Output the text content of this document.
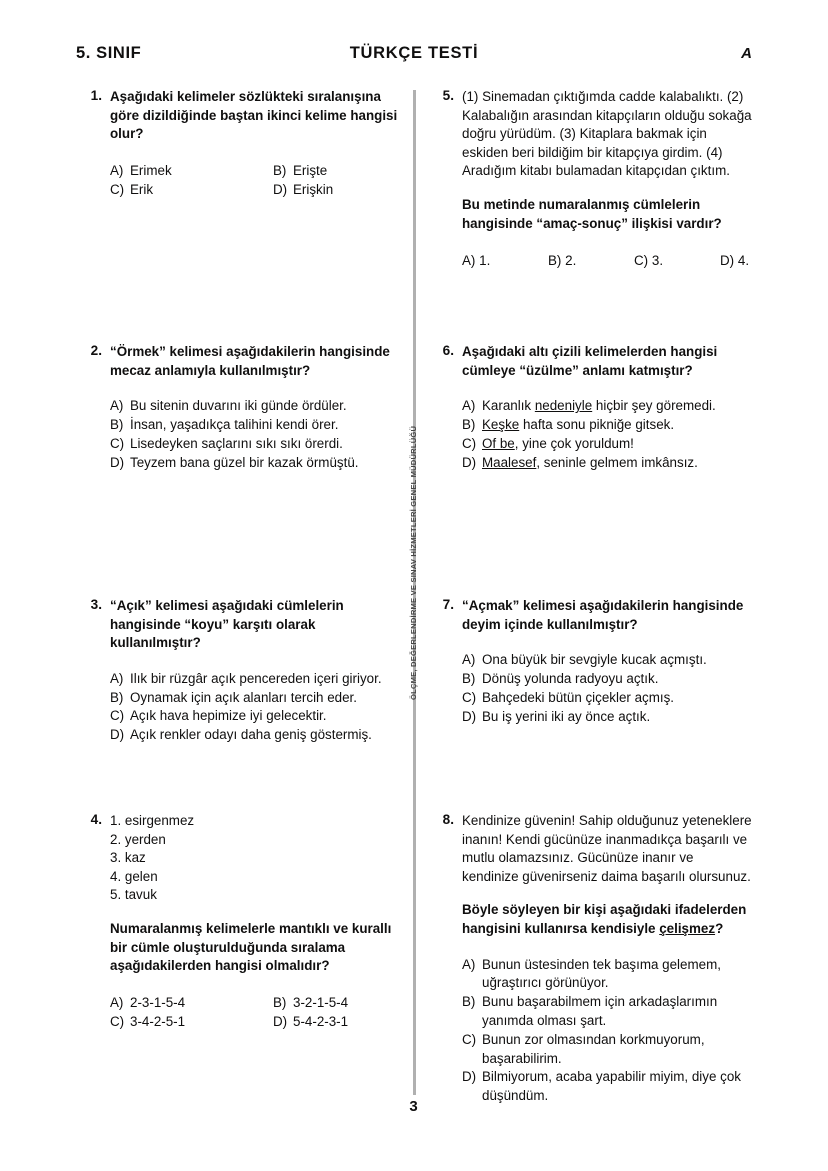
5. SINIF	TÜRKÇE TESTİ	A
ÖLÇME, DEĞERLENDİRME VE SINAV HİZMETLERİ GENEL MÜDÜRLÜĞÜ
1. Aşağıdaki kelimeler sözlükteki sıralanışına göre dizildiğinde baştan ikinci kelime hangisi olur?

A) Erimek	B) Erişte
C) Erik	D) Erişkin
2. “Örmek” kelimesi aşağıdakilerin hangisinde mecaz anlamıyla kullanılmıştır?

A) Bu sitenin duvarını iki günde ördüler.
B) İnsan, yaşadıkça talihini kendi örer.
C) Lisedeyken saçlarını sıkı sıkı örerdi.
D) Teyzem bana güzel bir kazak örmüştü.
3. “Açık” kelimesi aşağıdaki cümlelerin hangisinde “koyu” karşıtı olarak kullanılmıştır?

A) Ilık bir rüzgâr açık pencereden içeri giriyor.
B) Oynamak için açık alanları tercih eder.
C) Açık hava hepimize iyi gelecektir.
D) Açık renkler odayı daha geniş göstermiş.
4. 1. esirgenmez
2. yerden
3. kaz
4. gelen
5. tavuk

Numaralanmış kelimelerle mantıklı ve kurallı bir cümle oluşturulduğunda sıralama aşağıdakilerden hangisi olmalıdır?

A) 2-3-1-5-4	B) 3-2-1-5-4
C) 3-4-2-5-1	D) 5-4-2-3-1
5. (1) Sinemadan çıktığımda cadde kalabalıktı. (2) Kalabalığın arasından kitapçıların olduğu sokağa doğru yürüdüm. (3) Kitaplara bakmak için eskiden beri bildiğim bir kitapçıya girdim. (4) Aradığım kitabı bulamadan kitapçıdan çıktım.

Bu metinde numaralanmış cümlelerin hangisinde “amaç-sonuç” ilişkisi vardır?

A) 1.	B) 2.	C) 3.	D) 4.
6. Aşağıdaki altı çizili kelimelerden hangisi cümleye “üzülme” anlamı katmıştır?

A) Karanlık nedeniyle hiçbir şey göremedi.
B) Keşke hafta sonu pikniğe gitsek.
C) Of be, yine çok yoruldum!
D) Maalesef, seninle gelmem imkânsız.
7. “Açmak” kelimesi aşağıdakilerin hangisinde deyim içinde kullanılmıştır?

A) Ona büyük bir sevgiyle kucak açmıştı.
B) Dönüş yolunda radyoyu açtık.
C) Bahçedeki bütün çiçekler açmış.
D) Bu iş yerini iki ay önce açtık.
8. Kendinize güvenin! Sahip olduğunuz yeteneklere inanın! Kendi gücünüze inanmadıkça başarılı ve mutlu olamazsınız. Gücünüze inanır ve kendinize güvenirseniz daima başarılı olursunuz.

Böyle söyleyen bir kişi aşağıdaki ifadelerden hangisini kullanırsa kendisiyle çelişmez?

A) Bunun üstesinden tek başıma gelemem, uğraştırıcı görünüyor.
B) Bunu başarabilmem için arkadaşlarımın yanımda olması şart.
C) Bunun zor olmasından korkmuyorum, başarabilirim.
D) Bilmiyorum, acaba yapabilir miyim, diye çok düşündüm.
3
